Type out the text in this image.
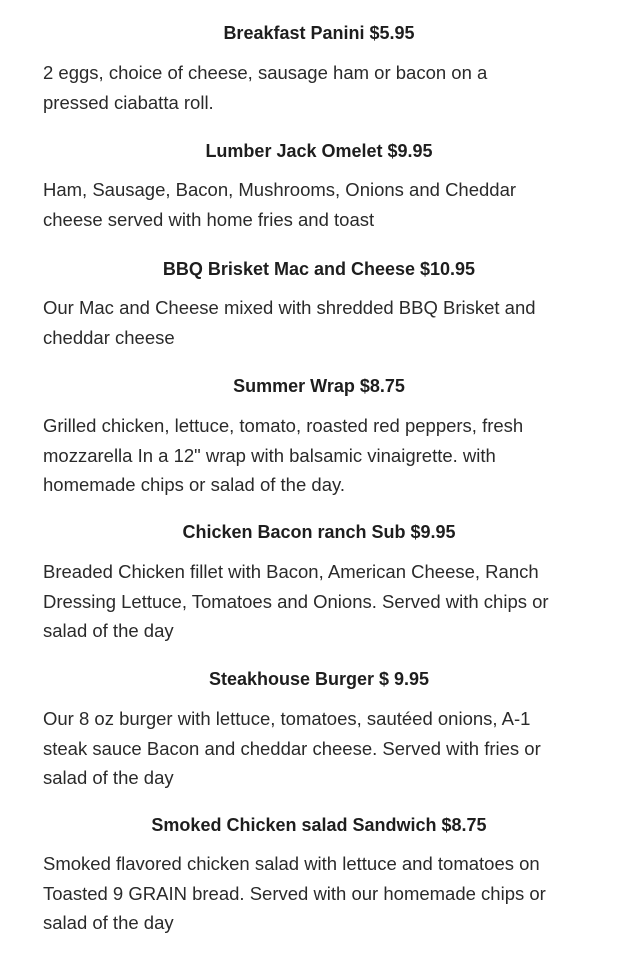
Breakfast Panini $5.95
2 eggs, choice of cheese, sausage ham or bacon on a
pressed ciabatta roll.
Lumber Jack Omelet $9.95
Ham, Sausage, Bacon, Mushrooms, Onions and Cheddar
cheese served with home fries and toast
BBQ Brisket Mac and Cheese $10.95
Our Mac and Cheese mixed with shredded BBQ Brisket and
cheddar cheese
Summer Wrap $8.75
Grilled chicken, lettuce, tomato, roasted red peppers, fresh
mozzarella In a 12" wrap with balsamic vinaigrette. with
homemade chips or salad of the day.
Chicken Bacon ranch Sub $9.95
Breaded Chicken fillet with Bacon, American Cheese, Ranch
Dressing Lettuce, Tomatoes and Onions. Served with chips or
salad of the day
Steakhouse Burger $ 9.95
Our 8 oz burger with lettuce, tomatoes, sautéed onions, A-1
steak sauce Bacon and cheddar cheese. Served with fries or
salad of the day
Smoked Chicken salad Sandwich $8.75
Smoked flavored chicken salad with lettuce and tomatoes on
Toasted 9 GRAIN bread. Served with our homemade chips or
salad of the day
